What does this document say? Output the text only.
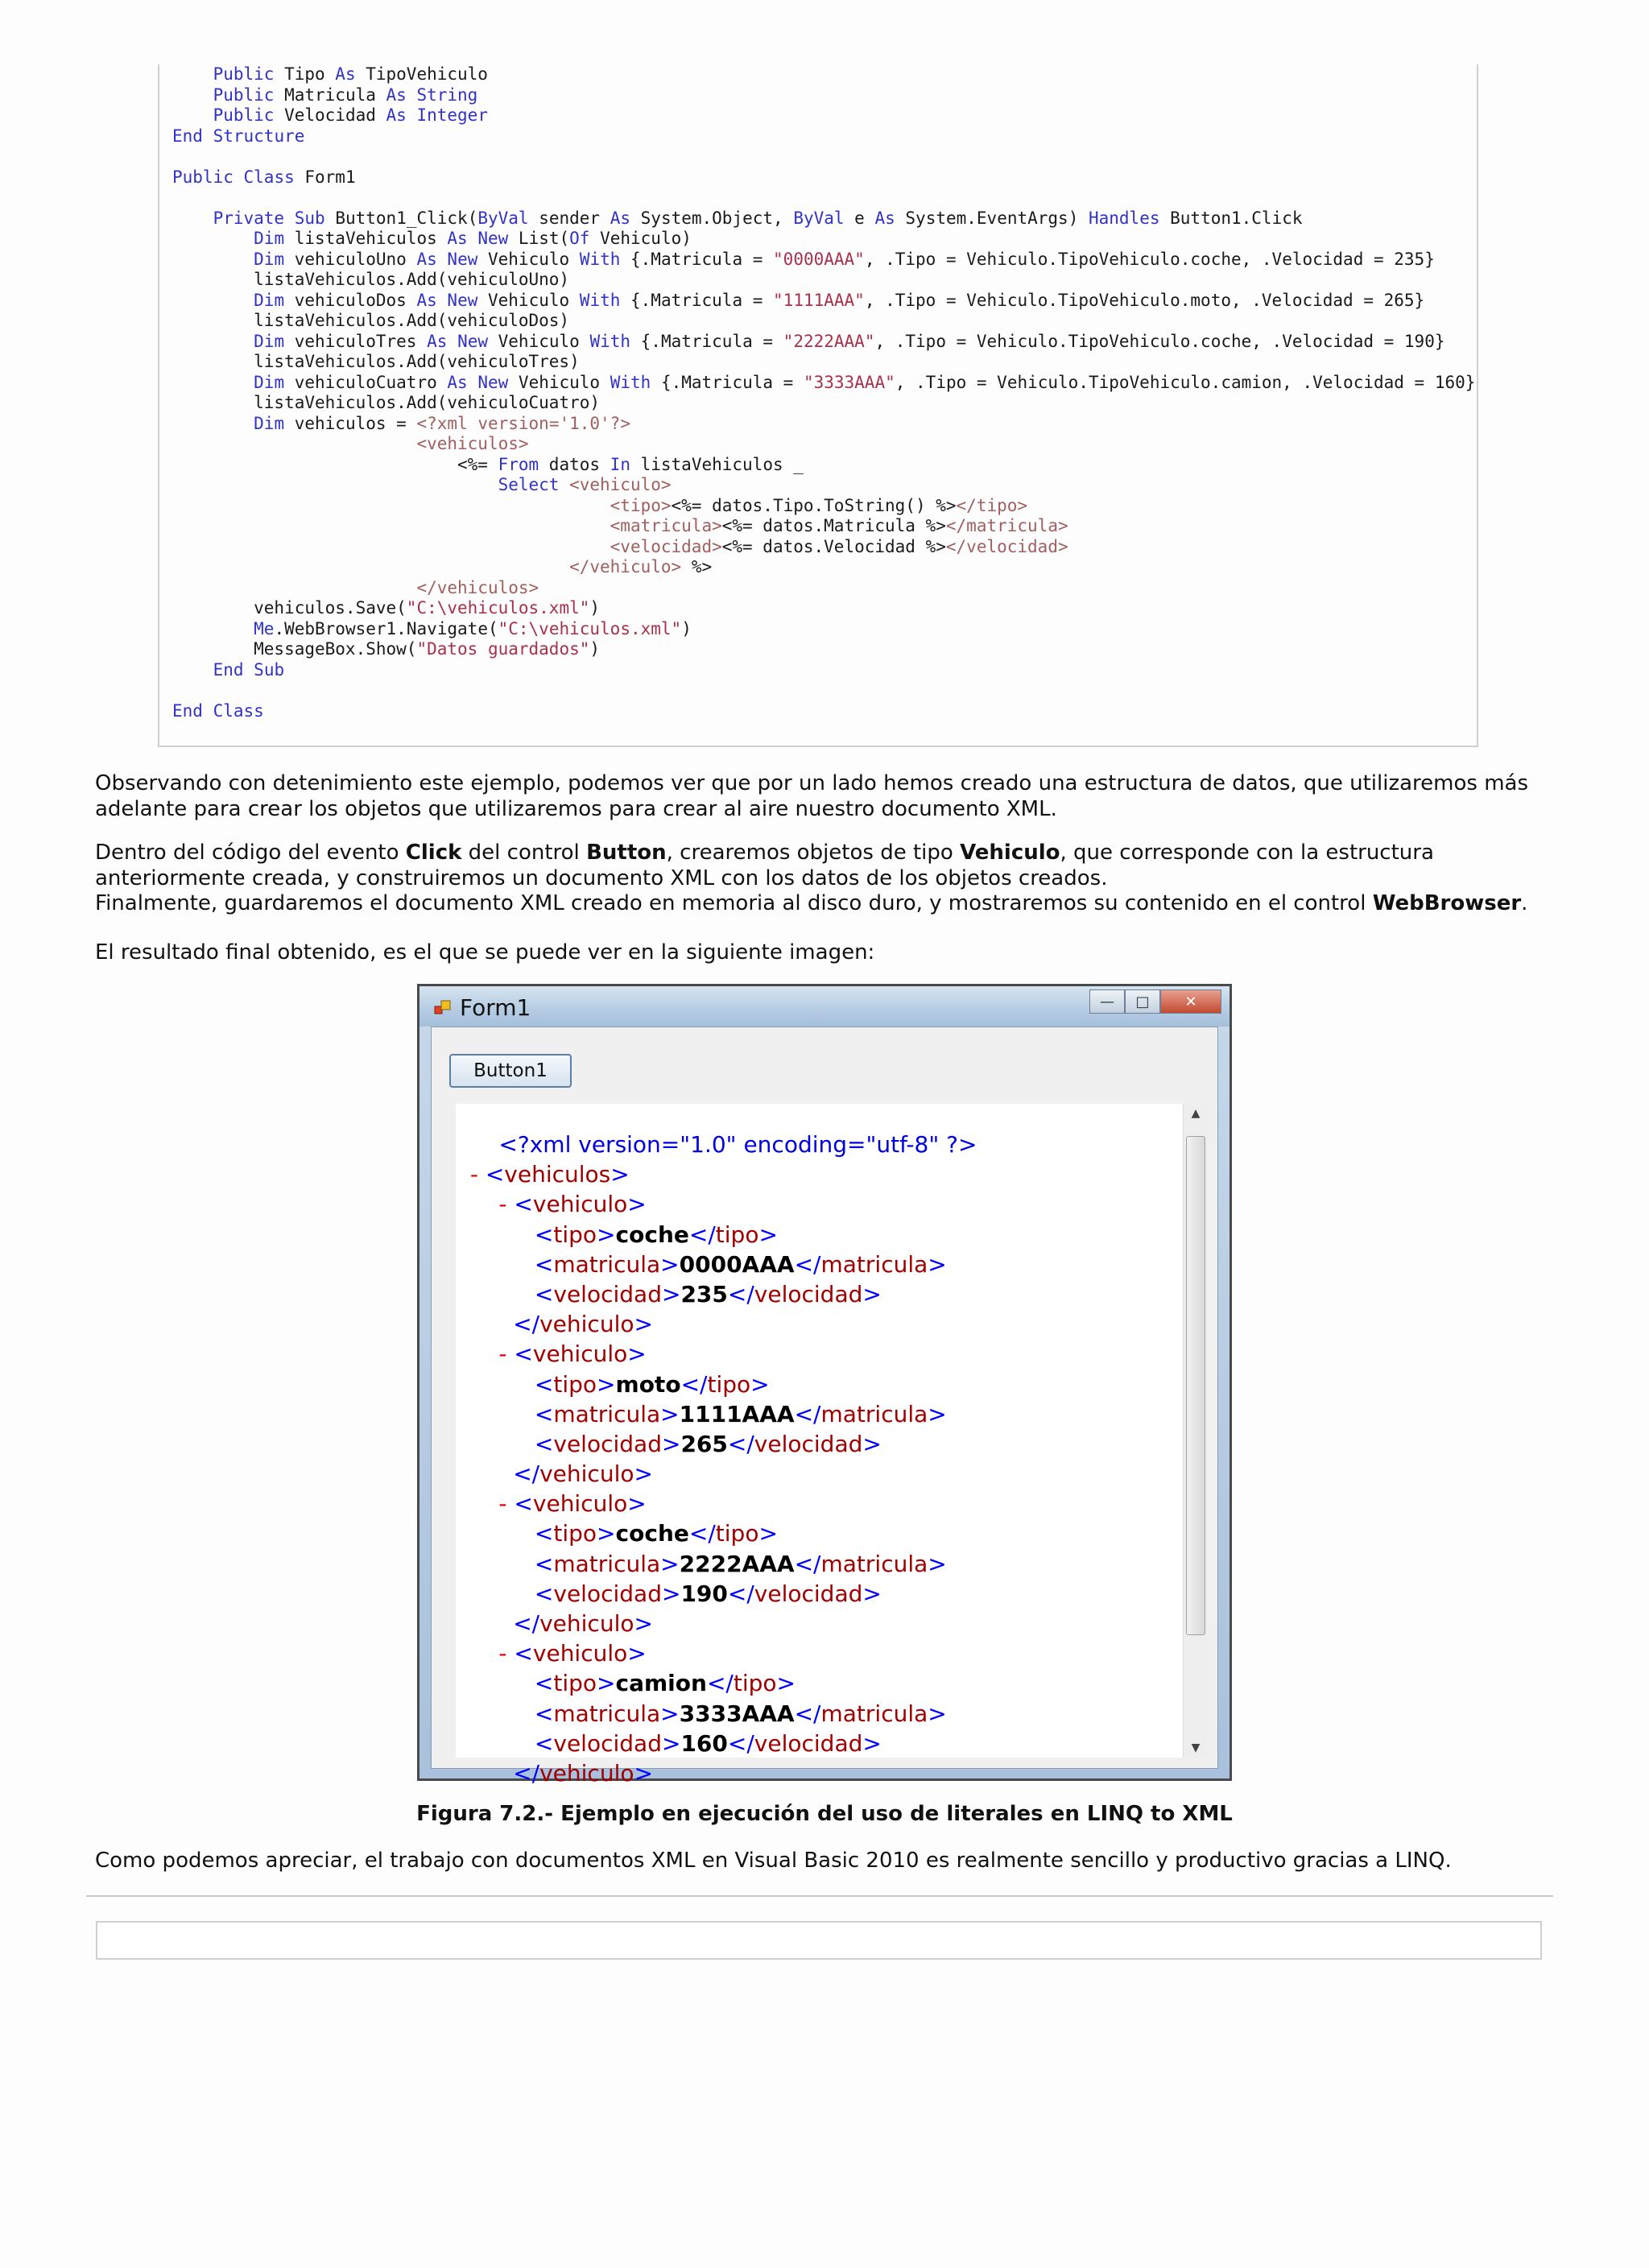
Public Tipo As TipoVehiculo
Public Matricula As String
Public Velocidad As Integer
End Structure

Public Class Form1

Private Sub Button1_Click(ByVal sender As System.Object, ByVal e As System.EventArgs) Handles Button1.Click
Dim listaVehiculos As New List(Of Vehiculo)
Dim vehiculoUno As New Vehiculo With {.Matricula = "0000AAA", .Tipo = Vehiculo.TipoVehiculo.coche, .Velocidad = 235}
listaVehiculos.Add(vehiculoUno)
Dim vehiculoDos As New Vehiculo With {.Matricula = "1111AAA", .Tipo = Vehiculo.TipoVehiculo.moto, .Velocidad = 265}
listaVehiculos.Add(vehiculoDos)
Dim vehiculoTres As New Vehiculo With {.Matricula = "2222AAA", .Tipo = Vehiculo.TipoVehiculo.coche, .Velocidad = 190}
listaVehiculos.Add(vehiculoTres)
Dim vehiculoCuatro As New Vehiculo With {.Matricula = "3333AAA", .Tipo = Vehiculo.TipoVehiculo.camion, .Velocidad = 160}
listaVehiculos.Add(vehiculoCuatro)
Dim vehiculos = <?xml version='1.0'?>
<vehiculos>
<%= From datos In listaVehiculos _
Select <vehiculo>
<tipo><%= datos.Tipo.ToString() %></tipo>
<matricula><%= datos.Matricula %></matricula>
<velocidad><%= datos.Velocidad %></velocidad>
</vehiculo> %>
</vehiculos>
vehiculos.Save("C:\vehiculos.xml")
Me.WebBrowser1.Navigate("C:\vehiculos.xml")
MessageBox.Show("Datos guardados")
End Sub

End Class

Observando con detenimiento este ejemplo, podemos ver que por un lado hemos creado una estructura de datos, que utilizaremos más adelante para crear los objetos que utilizaremos para crear al aire nuestro documento XML.
Dentro del código del evento Click del control Button, crearemos objetos de tipo Vehiculo, que corresponde con la estructura anteriormente creada, y construiremos un documento XML con los datos de los objetos creados.
Finalmente, guardaremos el documento XML creado en memoria al disco duro, y mostraremos su contenido en el control WebBrowser.
El resultado final obtenido, es el que se puede ver en la siguiente imagen:
Form1	—	□	✕
Button1
<?xml version="1.0" encoding="utf-8" ?>
- <vehiculos>
- <vehiculo>
<tipo>coche</tipo>
<matricula>0000AAA</matricula>
<velocidad>235</velocidad>
</vehiculo>
- <vehiculo>
<tipo>moto</tipo>
<matricula>1111AAA</matricula>
<velocidad>265</velocidad>
</vehiculo>
- <vehiculo>
<tipo>coche</tipo>
<matricula>2222AAA</matricula>
<velocidad>190</velocidad>
</vehiculo>
- <vehiculo>
<tipo>camion</tipo>
<matricula>3333AAA</matricula>
<velocidad>160</velocidad>
</vehiculo>
▲
▼
Figura 7.2.- Ejemplo en ejecución del uso de literales en LINQ to XML
Como podemos apreciar, el trabajo con documentos XML en Visual Basic 2010 es realmente sencillo y productivo gracias a LINQ.
